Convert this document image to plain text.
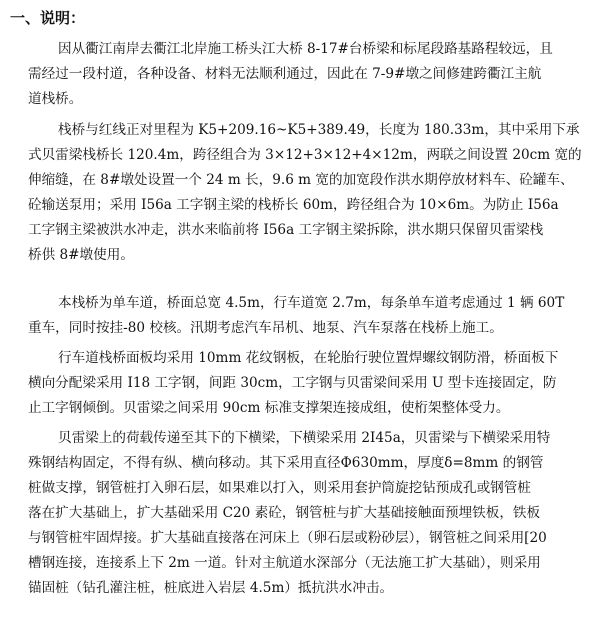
一、说明：
因从衢江南岸去衢江北岸施工桥头江大桥 8-17#台桥梁和标尾段路基路程较远，且
需经过一段村道，各种设备、材料无法顺利通过，因此在 7-9#墩之间修建跨衢江主航
道栈桥。
栈桥与红线正对里程为 K5+209.16~K5+389.49，长度为 180.33m，其中采用下承
式贝雷梁栈桥长 120.4m，跨径组合为 3×12+3×12+4×12m，两联之间设置 20cm 宽的
伸缩缝，在 8#墩处设置一个 24 m 长，9.6 m 宽的加宽段作洪水期停放材料车、砼罐车、
砼输送泵用；采用 I56a 工字钢主梁的栈桥长 60m，跨径组合为 10×6m。为防止 I56a
工字钢主梁被洪水冲走，洪水来临前将 I56a 工字钢主梁拆除，洪水期只保留贝雷梁栈
桥供 8#墩使用。
本栈桥为单车道，桥面总宽 4.5m，行车道宽 2.7m，每条单车道考虑通过 1 辆 60T
重车，同时按挂-80 校核。汛期考虑汽车吊机、地泵、汽车泵落在栈桥上施工。
行车道栈桥面板均采用 10mm 花纹钢板，在轮胎行驶位置焊螺纹钢防滑，桥面板下
横向分配梁采用 I18 工字钢，间距 30cm，工字钢与贝雷梁间采用 U 型卡连接固定，防
止工字钢倾倒。贝雷梁之间采用 90cm 标准支撑架连接成组，使桁架整体受力。
贝雷梁上的荷载传递至其下的下横梁，下横梁采用 2I45a，贝雷梁与下横梁采用特
殊钢结构固定，不得有纵、横向移动。其下采用直径Φ630mm，厚度δ=8mm 的钢管
桩做支撑，钢管桩打入卵石层，如果难以打入，则采用套护筒旋挖钻预成孔或钢管桩
落在扩大基础上，扩大基础采用 C20 素砼，钢管桩与扩大基础接触面预埋铁板，铁板
与钢管桩牢固焊接。扩大基础直接落在河床上（卵石层或粉砂层），钢管桩之间采用[20
槽钢连接，连接系上下 2m 一道。针对主航道水深部分（无法施工扩大基础），则采用
锚固桩（钻孔灌注桩，桩底进入岩层 4.5m）抵抗洪水冲击。
